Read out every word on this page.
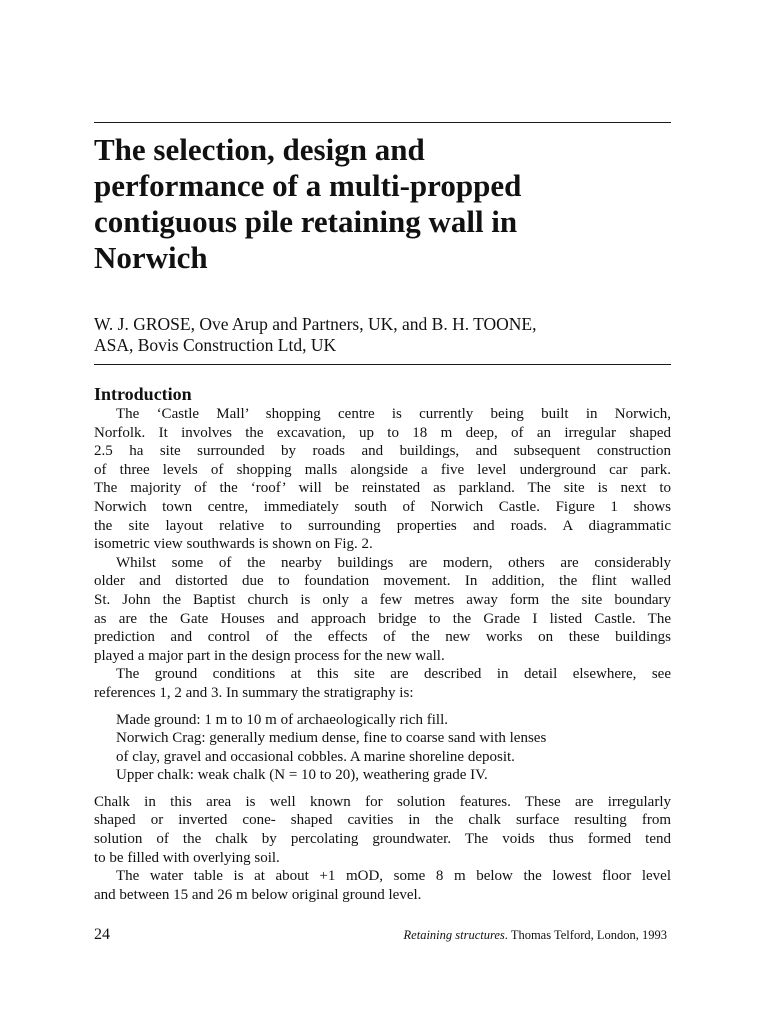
The selection, design and
performance of a multi-propped
contiguous pile retaining wall in
Norwich

W. J. GROSE, Ove Arup and Partners, UK, and B. H. TOONE,
ASA, Bovis Construction Ltd, UK

Introduction

The ‘Castle Mall’ shopping centre is currently being built in Norwich,
Norfolk. It involves the excavation, up to 18 m deep, of an irregular shaped
2.5 ha site surrounded by roads and buildings, and subsequent construction
of three levels of shopping malls alongside a five level underground car park.
The majority of the ‘roof’ will be reinstated as parkland. The site is next to
Norwich town centre, immediately south of Norwich Castle. Figure 1 shows
the site layout relative to surrounding properties and roads. A diagrammatic
isometric view southwards is shown on Fig. 2.

Whilst some of the nearby buildings are modern, others are considerably
older and distorted due to foundation movement. In addition, the flint walled
St. John the Baptist church is only a few metres away form the site boundary
as are the Gate Houses and approach bridge to the Grade I listed Castle. The
prediction and control of the effects of the new works on these buildings
played a major part in the design process for the new wall.

The ground conditions at this site are described in detail elsewhere, see
references 1, 2 and 3. In summary the stratigraphy is:

Made ground: 1 m to 10 m of archaeologically rich fill.
Norwich Crag: generally medium dense, fine to coarse sand with lenses
of clay, gravel and occasional cobbles. A marine shoreline deposit.
Upper chalk: weak chalk (N = 10 to 20), weathering grade IV.

Chalk in this area is well known for solution features. These are irregularly
shaped or inverted cone- shaped cavities in the chalk surface resulting from
solution of the chalk by percolating groundwater. The voids thus formed tend
to be filled with overlying soil.

The water table is at about +1 mOD, some 8 m below the lowest floor level
and between 15 and 26 m below original ground level.

24	Retaining structures. Thomas Telford, London, 1993
